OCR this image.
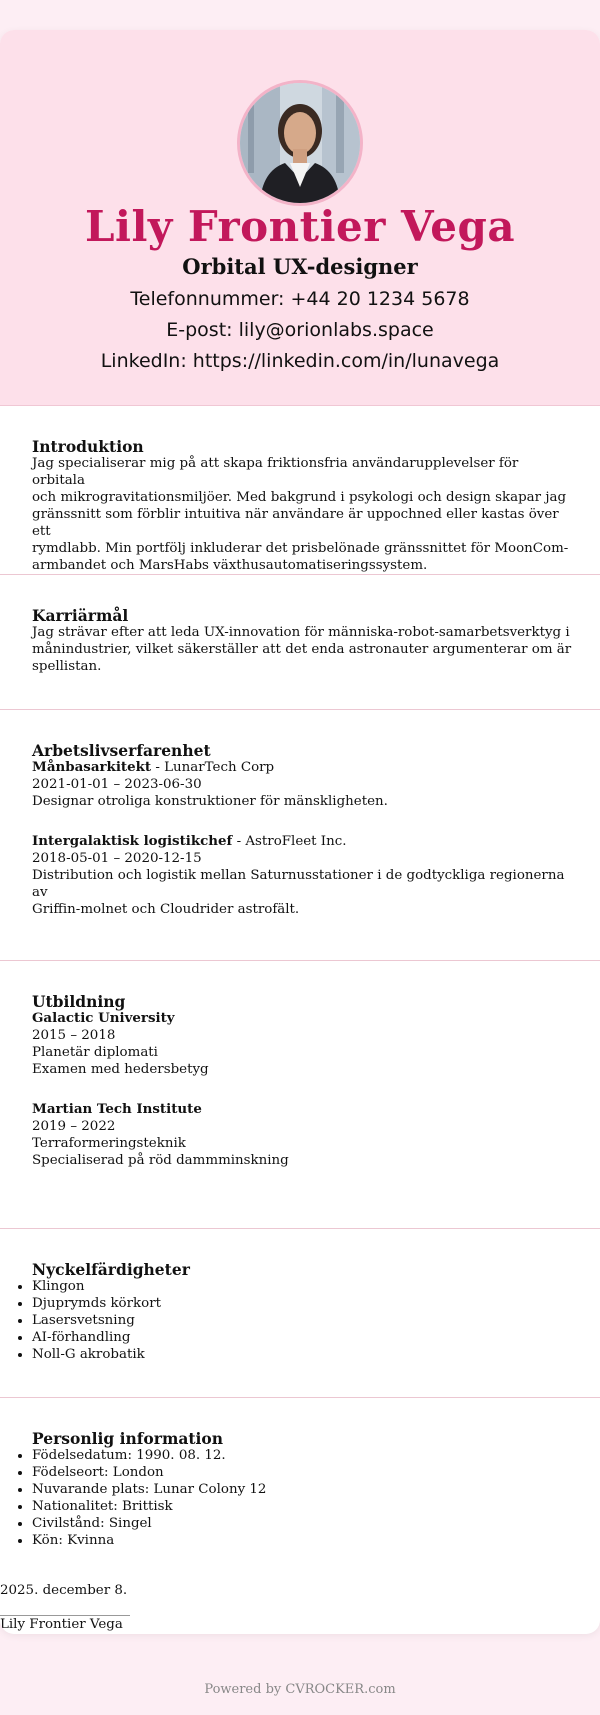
Lily Frontier Vega
Orbital UX-designer
Telefonnummer: +44 20 1234 5678
E-post: lily@orionlabs.space
LinkedIn: https://linkedin.com/in/lunavega
Introduktion
Jag specialiserar mig på att skapa friktionsfria användarupplevelser för orbitala
och mikrogravitationsmiljöer. Med bakgrund i psykologi och design skapar jag
gränssnitt som förblir intuitiva när användare är uppochned eller kastas över ett
rymdlabb. Min portfölj inkluderar det prisbelönade gränssnittet för MoonCom-
armbandet och MarsHabs växthusautomatiseringssystem.
Karriärmål
Jag strävar efter att leda UX-innovation för människa-robot-samarbetsverktyg i
månindustrier, vilket säkerställer att det enda astronauter argumenterar om är
spellistan.
Arbetslivserfarenhet
Månbasarkitekt - LunarTech Corp
2021-01-01 – 2023-06-30
Designar otroliga konstruktioner för mänskligheten.
Intergalaktisk logistikchef - AstroFleet Inc.
2018-05-01 – 2020-12-15
Distribution och logistik mellan Saturnusstationer i de godtyckliga regionerna av
Griffin-molnet och Cloudrider astrofält.
Utbildning
Galactic University
2015 – 2018
Planetär diplomati
Examen med hedersbetyg
Martian Tech Institute
2019 – 2022
Terraformeringsteknik
Specialiserad på röd dammminskning
Nyckelfärdigheter
• Klingon
• Djuprymds körkort
• Lasersvetsning
• AI-förhandling
• Noll-G akrobatik
Personlig information
• Födelsedatum: 1990. 08. 12.
• Födelseort: London
• Nuvarande plats: Lunar Colony 12
• Nationalitet: Brittisk
• Civilstånd: Singel
• Kön: Kvinna
2025. december 8.
Lily Frontier Vega
Powered by CVROCKER.com
